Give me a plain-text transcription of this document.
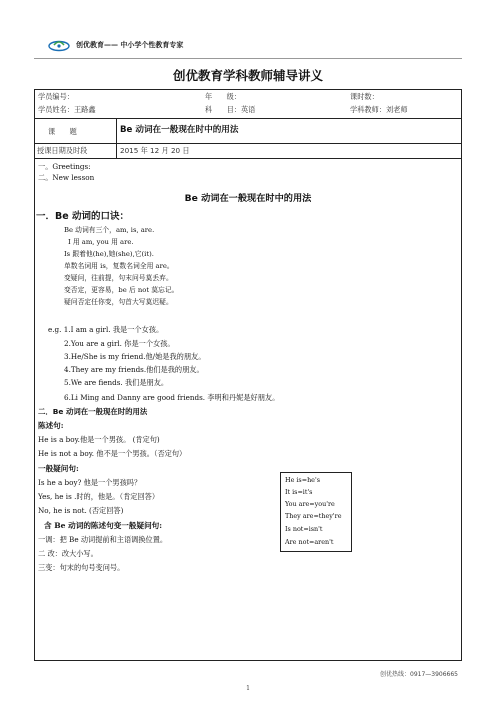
创优教育—— 中小学个性教育专家
创优教育学科教师辅导讲义
学员编号：	年　　级：	课时数：
学员姓名：王路鑫	科　　目：英语	学科教师：刘老师
课　　题	Be 动词在一般现在时中的用法
授课日期及时段	2015 年 12 月 20 日
一。Greetings:
二。New lesson
Be 动词在一般现在时中的用法
一．Be 动词的口诀：
Be 动词有三个，am, is, are.
I 用 am, you 用 are.
Is 跟着他(he),她(she),它(it).
单数名词用 is，复数名词全用 are。
变疑问，往前提，句末问号莫丢弃。
变否定，更容易，be 后 not 莫忘记。
疑问否定任你变，句首大写莫迟疑。
e.g. 1.I am a girl. 我是一个女孩。
2.You are a girl. 你是一个女孩。
3.He/She is my friend.他/她是我的朋友。
4.They are my friends.他们是我的朋友。
5.We are fiends. 我们是朋友。
6.Li Ming and Danny are good friends. 李明和丹妮是好朋友。
二．Be 动词在一般现在时的用法
陈述句:
He is a boy.他是一个男孩。 (肯定句)
He is not a boy. 他不是一个男孩。（否定句）
一般疑问句:
Is he a boy? 他是一个男孩吗？
Yes, he is .时的，他是。（肯定回答）
No, he is not. (否定回答)
含 Be 动词的陈述句变一般疑问句:
一调：把 Be 动词提前和主语调换位置。
二 改：改大小写。
三变：句末的句号变问号。
He is=he's
It is=it's
You are=you're
They are=they're
Is not=isn't
Are not=aren't
创优热线：0917—3906665
1
